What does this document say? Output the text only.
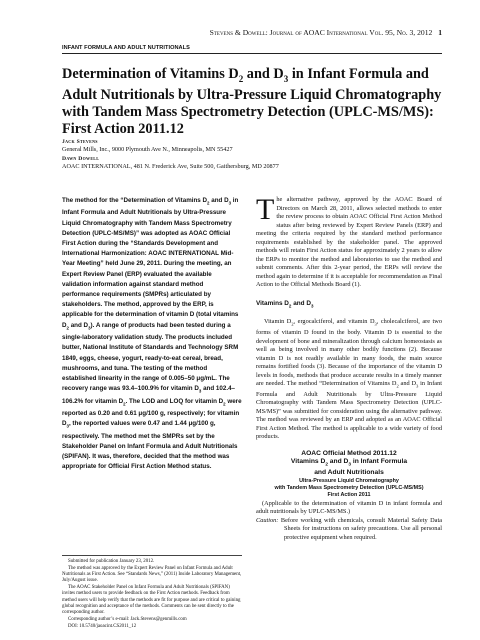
Stevens & Dowell: Journal of AOAC International Vol. 95, No. 3, 2012 1
INFANT FORMULA AND ADULT NUTRITIONALS
Determination of Vitamins $D_2$ and $D_3$ in Infant Formula and Adult Nutritionals by Ultra-Pressure Liquid Chromatography with Tandem Mass Spectrometry Detection (UPLC-MS/MS): First Action 2011.12
Jack Stevens
General Mills, Inc., 9000 Plymouth Ave N., Minneapolis, MN 55427
Dawn Dowell
AOAC INTERNATIONAL, 481 N. Frederick Ave, Suite 500, Gaithersburg, MD 20877
The method for the “Determination of Vitamins $D_2$ and $D_3$ in Infant Formula and Adult Nutritionals by Ultra-Pressure Liquid Chromatography with Tandem Mass Spectrometry Detection (UPLC-MS/MS)” was adopted as AOAC Official First Action during the “Standards Development and International Harmonization: AOAC INTERNATIONAL Mid-Year Meeting” held June 29, 2011. During the meeting, an Expert Review Panel (ERP) evaluated the available validation information against standard method performance requirements (SMPRs) articulated by stakeholders. The method, approved by the ERP, is applicable for the determination of vitamin D (total vitamins $D_2$ and $D_3$). A range of products had been tested during a single-laboratory validation study. The products included butter, National Institute of Standards and Technology SRM 1849, eggs, cheese, yogurt, ready-to-eat cereal, bread, mushrooms, and tuna. The testing of the method established linearity in the range of 0.005–50 μg/mL. The recovery range was 93.4–100.9% for vitamin $D_3$ and 102.4–106.2% for vitamin $D_2$. The LOD and LOQ for vitamin $D_2$ were reported as 0.20 and 0.61 μg/100 g, respectively; for vitamin $D_3$, the reported values were 0.47 and 1.44 μg/100 g, respectively. The method met the SMPRs set by the Stakeholder Panel on Infant Formula and Adult Nutritionals (SPIFAN). It was, therefore, decided that the method was appropriate for Official First Action Method status.

Submitted for publication January 23, 2012.

The method was approved by the Expert Review Panel on Infant Formula and Adult Nutritionals as First Action. See “Standards News,” (2011) Inside Laboratory Management, July/August issue.

The AOAC Stakeholder Panel on Infant Formula and Adult Nutritionals (SPIFAN) invites method users to provide feedback on the First Action methods. Feedback from method users will help verify that the methods are fit for purpose and are critical to gaining global recognition and acceptance of the methods. Comments can be sent directly to the corresponding author.

Corresponding author’s e-mail: Jack.Stevens@genmills.com

DOI: 10.5740/jaoacint.CS2011_12

The alternative pathway, approved by the AOAC Board of Directors on March 28, 2011, allows selected methods to enter the review process to obtain AOAC Official First Action Method status after being reviewed by Expert Review Panels (ERP) and meeting the criteria required by the standard method performance requirements established by the stakeholder panel. The approved methods will retain First Action status for approximately 2 years to allow the ERPs to monitor the method and laboratories to use the method and submit comments. After this 2-year period, the ERPs will review the method again to determine if it is acceptable for recommendation as Final Action to the Official Methods Board (1).

Vitamins $D_2$ and $D_3$

Vitamin $D_2$, ergocalciferol, and vitamin $D_3$, cholecalciferol, are two forms of vitamin D found in the body. Vitamin D is essential to the development of bone and mineralization through calcium homeostasis as well as being involved in many other bodily functions (2). Because vitamin D is not readily available in many foods, the main source remains fortified foods (3). Because of the importance of the vitamin D levels in foods, methods that produce accurate results in a timely manner are needed. The method “Determination of Vitamins $D_2$ and $D_3$ in Infant Formula and Adult Nutritionals by Ultra-Pressure Liquid Chromatography with Tandem Mass Spectrometry Detection (UPLC-MS/MS)” was submitted for consideration using the alternative pathway. The method was reviewed by an ERP and adopted as an AOAC Official First Action Method. The method is applicable to a wide variety of food products.

AOAC Official Method 2011.12
Vitamins $D_2$ and $D_3$ in Infant Formula
and Adult Nutritionals
Ultra-Pressure Liquid Chromatography
with Tandem Mass Spectrometry Detection (UPLC-MS/MS)
First Action 2011

(Applicable to the determination of vitamin D in infant formula and adult nutritionals by UPLC-MS/MS.)

Caution: Before working with chemicals, consult Material Safety Data Sheets for instructions on safety precautions. Use all personal protective equipment when required.
